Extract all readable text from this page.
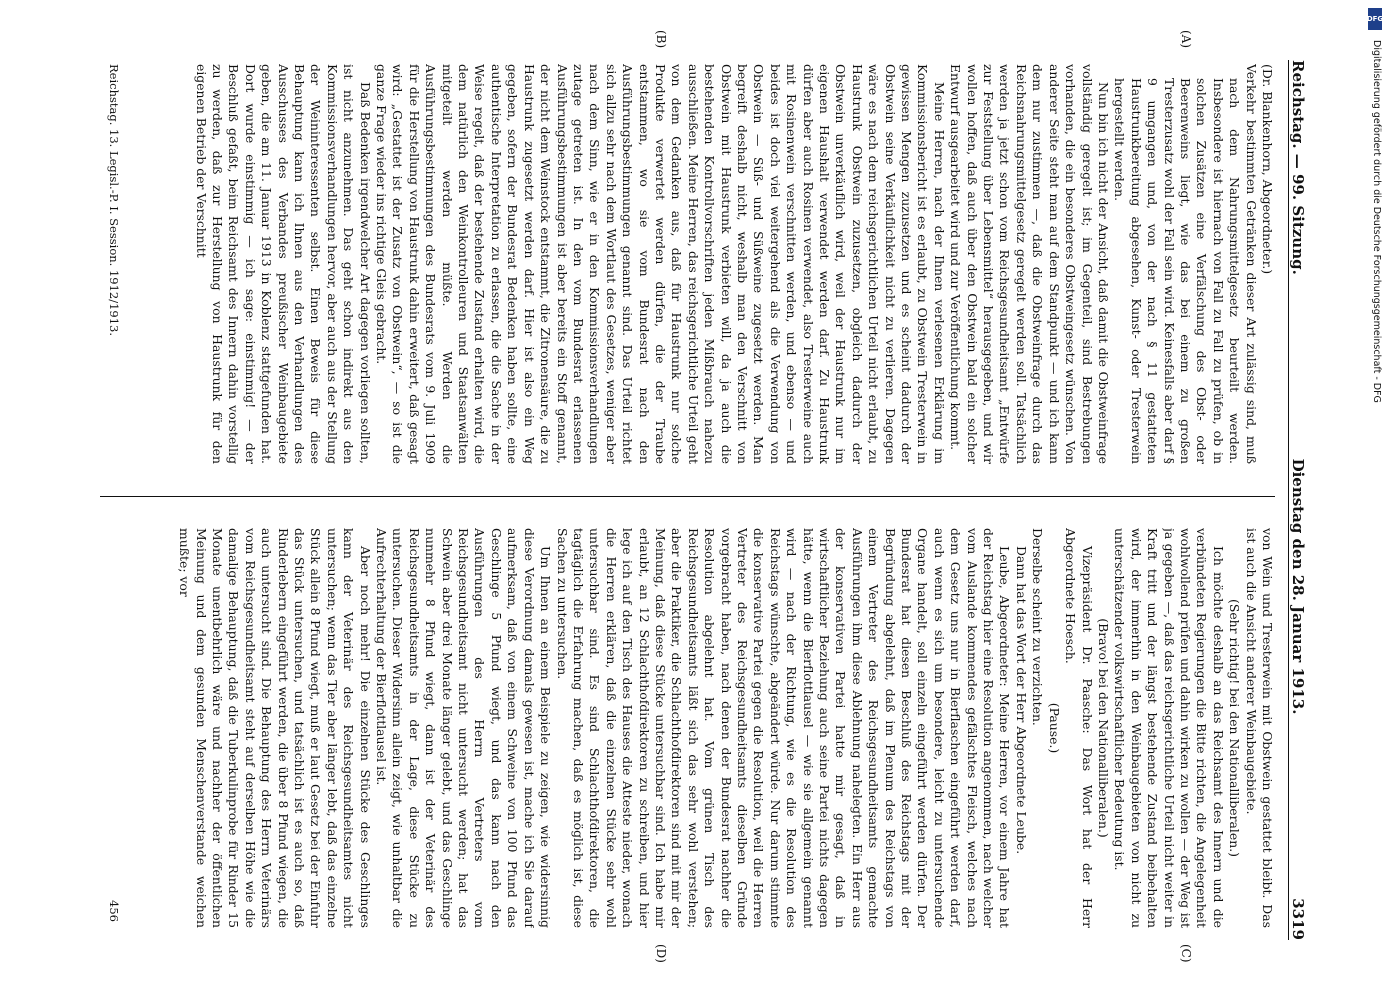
Reichstag. — 99. Sitzung.
Dienstag den 28. Januar 1913.
3319
(A)
(B)
(C)
(D)

(Dr. Blankenhorn, Abgeordneter.)

Verkehr bestimmten Getränken dieser Art zulässig sind, muß nach dem Nahrungsmittelgesetz beurteilt werden. Insbesondere ist hiernach von Fall zu Fall zu prüfen, ob in solchen Zusätzen eine Verfälschung des Obst- oder Beerenweins liegt, wie das bei einem zu großen Tresterzusatz wohl der Fall sein wird. Keinesfalls aber darf § 9 umgangen und, von der nach § 11 gestatteten Haustrunkbereitung abgesehen, Kunst- oder Tresterwein hergestellt werden.

Nun bin ich nicht der Ansicht, daß damit die Obstweinfrage vollständig geregelt ist; im Gegenteil, sind Bestrebungen vorhanden, die ein besonderes Obstweingesetz wünschen. Von anderer Seite steht man auf dem Standpunkt — und ich kann dem nur zustimmen —, daß die Obstweinfrage durch das Reichsnahrungsmittelgesetz geregelt werden soll. Tatsächlich werden ja jetzt schon vom Reichsgesundheitsamt „Entwürfe zur Feststellung über Lebensmittel“ herausgegeben, und wir wollen hoffen, daß auch über den Obstwein bald ein solcher Entwurf ausgearbeitet wird und zur Veröffentlichung kommt.

Meine Herren, nach der Ihnen verlesenen Erklärung im Kommissionsbericht ist es erlaubt, zu Obstwein Tresterwein in gewissen Mengen zuzusetzen und es scheint dadurch der Obstwein seine Verkäuflichkeit nicht zu verlieren. Dagegen wäre es nach dem reichsgerichtlichen Urteil nicht erlaubt, zu Haustrunk Obstwein zuzusetzen, obgleich dadurch der Obstwein unverkäuflich wird, weil der Haustrunk nur im eigenen Haushalt verwendet werden darf. Zu Haustrunk dürfen aber auch Rosinen verwendet, also Tresterweine auch mit Rosinenwein verschnitten werden, und ebenso — und beides ist doch viel weitergehend als die Verwendung von Obstwein — Süß- und Süßweine zugesetzt werden. Man begreift deshalb nicht, weshalb man den Verschnitt von Obstwein mit Haustrunk verbieten will, da ja auch die bestehenden Kontrollvorschriften jeden Mißbrauch nahezu ausschließen. Meine Herren, das reichsgerichtliche Urteil geht von dem Gedanken aus, daß für Haustrunk nur solche Produkte verwertet werden dürfen, die der Traube entstammen, wo sie vom Bundesrat nach den Ausführungsbestimmungen genannt sind. Das Urteil richtet sich allzu sehr nach dem Wortlaut des Gesetzes, weniger aber nach dem Sinn, wie er in den Kommissionsverhandlungen zutage getreten ist. In den vom Bundesrat erlassenen Ausführungsbestimmungen ist aber bereits ein Stoff genannt, der nicht dem Weinstock entstammt, die Zitronensäure, die zu Haustrunk zugesetzt werden darf. Hier ist also ein Weg gegeben, sofern der Bundesrat Bedenken haben sollte, eine authentische Interpretation zu erlassen, die die Sache in der Weise regelt, daß der bestehende Zustand erhalten wird, die dem natürlich den Weinkontrolleuren und Staatsanwälten mitgeteilt werden müßte. Werden die Ausführungsbestimmungen des Bundesrats vom 9. Juli 1909 für die Herstellung von Haustrunk dahin erweitert, daß gesagt wird: „Gestattet ist der Zusatz von Obstwein“, — so ist die ganze Frage wieder ins richtige Gleis gebracht.

Daß Bedenken irgendwelcher Art dagegen vorliegen sollten, ist nicht anzunehmen. Das geht schon indirekt aus den Kommissionsverhandlungen hervor, aber auch aus der Stellung der Weininteressenten selbst. Einen Beweis für diese Behauptung kann ich Ihnen aus den Verhandlungen des Ausschusses des Verbandes preußischer Weinbaugebiete geben, die am 11. Januar 1913 in Koblenz stattgefunden hat. Dort wurde einstimmig — ich sage: einstimmig! — der Beschluß gefaßt, beim Reichsamt des Innern dahin vorstellig zu werden, daß zur Herstellung von Haustrunk für den eigenen Betrieb der Verschnitt

von Wein und Tresterwein mit Obstwein gestattet bleibt. Das ist auch die Ansicht anderer Weinbaugebiete.

(Sehr richtig! bei den Nationalliberalen.)

Ich möchte deshalb an das Reichsamt des Innern und die verbündeten Regierungen die Bitte richten, die Angelegenheit wohlwollend prüfen und dahin wirken zu wollen — der Weg ist ja gegeben —, daß das reichsgerichtliche Urteil nicht weiter in Kraft tritt und der längst bestehende Zustand beibehalten wird, der immerhin in den Weinbaugebieten von nicht zu unterschätzender volkswirtschaftlicher Bedeutung ist.

(Bravo! bei den Nationalliberalen.)

Vizepräsident Dr. Paasche: Das Wort hat der Herr Abgeordnete Hoesch.

(Pause.)

Derselbe scheint zu verzichten.

Dann hat das Wort der Herr Abgeordnete Leube.

Leube, Abgeordneter: Meine Herren, vor einem Jahre hat der Reichstag hier eine Resolution angenommen, nach welcher vom Auslande kommendes gefälschtes Fleisch, welches nach dem Gesetz uns nur in Bierflaschen eingeführt werden darf, auch wenn es sich um besondere, leicht zu untersuchende Organe handelt, soll einzeln eingeführt werden dürfen. Der Bundesrat hat diesen Beschluß des Reichstags mit der Begründung abgelehnt, daß im Plenum des Reichstags von einem Vertreter des Reichsgesundheitsamts gemachte Ausführungen ihm diese Ablehnung nahelegten. Ein Herr aus der konservativen Partei hatte mir gesagt, daß in wirtschaftlicher Beziehung auch seine Partei nichts dagegen hätte, wenn die Bierflottlausel — wie sie allgemein genannt wird — nach der Richtung, wie es die Resolution des Reichstags wünschte, abgeändert würde. Nur darum stimmte die konservative Partei gegen die Resolution, weil die Herren Vertreter des Reichsgesundheitsamts dieselben Gründe vorgebracht haben, nach denen der Bundesrat nachher die Resolution abgelehnt hat. Vom grünen Tisch des Reichsgesundheitsamts läßt sich das sehr wohl verstehen; aber die Praktiker, die Schlachthofdirektoren sind mit mir der Meinung, daß diese Stücke untersuchbar sind. Ich habe mir erlaubt, an 12 Schlachthofdirektoren zu schreiben, und hier lege ich auf den Tisch des Hauses die Atteste nieder, wonach die Herren erklären, daß die einzelnen Stücke sehr wohl untersuchbar sind. Es sind Schlachthofdirektoren, die tagtäglich die Erfahrung machen, daß es möglich ist, diese Sachen zu untersuchen.

Um Ihnen an einem Beispiele zu zeigen, wie widersinnig diese Verordnung damals gewesen ist, mache ich Sie darauf aufmerksam, daß von einem Schweine von 100 Pfund das Geschlinge 5 Pfund wiegt, und das kann nach den Ausführungen des Herrn Vertreters vom Reichsgesundheitsamt nicht untersucht werden; hat das Schwein aber drei Monate länger gelebt, und das Geschlinge nunmehr 8 Pfund wiegt, dann ist der Veterinär des Reichsgesundheitsamts in der Lage, diese Stücke zu untersuchen. Dieser Widersinn allein zeigt, wie unhaltbar die Aufrechterhaltung der Bierflottlausel ist.

Aber noch mehr! Die einzelnen Stücke des Geschlinges kann der Veterinär des Reichsgesundheitsamtes nicht untersuchen; wenn das Tier aber länger lebt, daß das einzelne Stück allein 8 Pfund wiegt, muß er laut Gesetz bei der Einfuhr das Stück untersuchen, und tatsächlich ist es auch so, daß Rinderlebern eingeführt werden, die über 8 Pfund wiegen, die auch untersucht sind. Die Behauptung des Herrn Veterinärs vom Reichsgesundheitsamt steht auf derselben Höhe wie die damalige Behauptung, daß die Tuberkulinprobe für Rinder 15 Monate unentbehrlich wäre und nachher der öffentlichen Meinung und dem gesunden Menschenverstande weichen mußte; vor

Reichstag. 13. Legisl.-P. I. Session. 1912/1913.
456
DFG
Digitalisierung gefördert durch die Deutsche Forschungsgemeinschaft - DFG
